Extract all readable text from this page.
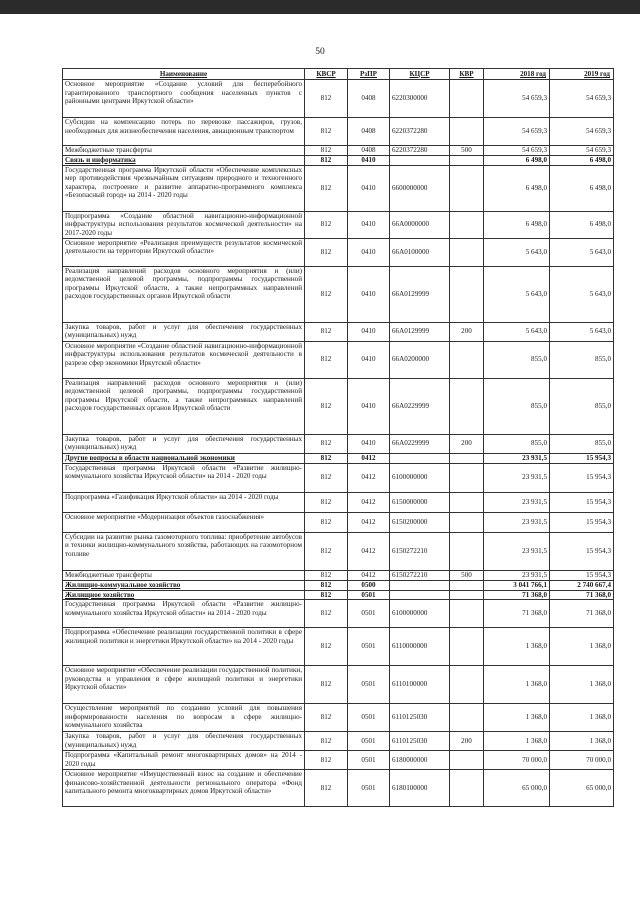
50
Наименование	КВСР	РзПР	КЦСР	КВР	2018 год	2019 год
Основное мероприятие «Создание условий для бесперебойного гарантированного транспортного сообщения населенных пунктов с районными центрами Иркутской области»	812	0408	6220300000		54 659,3	54 659,3
Субсидии на компенсацию потерь по перевозке пассажиров, грузов, необходимых для жизнеобеспечения населения, авиационным транспортом	812	0408	6220372280		54 659,3	54 659,3
Межбюджетные трансферты	812	0408	6220372280	500	54 659,3	54 659,3
Связь и информатика	812	0410			6 498,0	6 498,0
Государственная программа Иркутской области «Обеспечение комплексных мер противодействия чрезвычайным ситуациям природного и техногенного характера, построение и развитие аппаратно-программного комплекса «Безопасный город» на 2014 - 2020 годы	812	0410	6600000000		6 498,0	6 498,0
Подпрограмма «Создание областной навигационно-информационной инфраструктуры использования результатов космической деятельности» на 2017-2020 годы	812	0410	66А0000000		6 498,0	6 498,0
Основное мероприятие «Реализация преимуществ результатов космической деятельности на территории Иркутской области»	812	0410	66А0100000		5 643,0	5 643,0
Реализация направлений расходов основного мероприятия и (или) ведомственной целевой программы, подпрограммы государственной программы Иркутской области, а также непрограммных направлений расходов государственных органов Иркутской области	812	0410	66А0129999		5 643,0	5 643,0
Закупка товаров, работ и услуг для обеспечения государственных (муниципальных) нужд	812	0410	66А0129999	200	5 643,0	5 643,0
Основное мероприятие «Создание областной навигационно-информационной инфраструктуры использования результатов космической деятельности в разрезе сфер экономики Иркутской области»	812	0410	66А0200000		855,0	855,0
Реализация направлений расходов основного мероприятия и (или) ведомственной целевой программы, подпрограммы государственной программы Иркутской области, а также непрограммных направлений расходов государственных органов Иркутской области	812	0410	66А0229999		855,0	855,0
Закупка товаров, работ и услуг для обеспечения государственных (муниципальных) нужд	812	0410	66А0229999	200	855,0	855,0
Другие вопросы в области национальной экономики	812	0412			23 931,5	15 954,3
Государственная программа Иркутской области «Развитие жилищно-коммунального хозяйства Иркутской области» на 2014 - 2020 годы	812	0412	6100000000		23 931,5	15 954,3
Подпрограмма «Газификация Иркутской области» на 2014 - 2020 годы	812	0412	6150000000		23 931,5	15 954,3
Основное мероприятие «Модернизация объектов газоснабжения»	812	0412	6150200000		23 931,5	15 954,3
Субсидии на развитие рынка газомоторного топлива: приобретение автобусов и техники жилищно-коммунального хозяйства, работающих на газомоторном топливе	812	0412	6150272210		23 931,5	15 954,3
Межбюджетные трансферты	812	0412	6150272210	500	23 931,5	15 954,3
Жилищно-коммунальное хозяйство	812	0500			3 041 766,1	2 740 667,4
Жилищное хозяйство	812	0501			71 368,0	71 368,0
Государственная программа Иркутской области «Развитие жилищно-коммунального хозяйства Иркутской области» на 2014 - 2020 годы	812	0501	6100000000		71 368,0	71 368,0
Подпрограмма «Обеспечение реализации государственной политики в сфере жилищной политики и энергетики Иркутской области» на 2014 - 2020 годы	812	0501	6110000000		1 368,0	1 368,0
Основное мероприятие «Обеспечение реализации государственной политики, руководства и управления в сфере жилищной политики и энергетики Иркутской области»	812	0501	6110100000		1 368,0	1 368,0
Осуществление мероприятий по созданию условий для повышения информированности населения по вопросам в сфере жилищно-коммунального хозяйства	812	0501	6110125030		1 368,0	1 368,0
Закупка товаров, работ и услуг для обеспечения государственных (муниципальных) нужд	812	0501	6110125030	200	1 368,0	1 368,0
Подпрограмма «Капитальный ремонт многоквартирных домов» на 2014 - 2020 годы	812	0501	6180000000		70 000,0	70 000,0
Основное мероприятие «Имущественный взнос на создание и обеспечение финансово-хозяйственной деятельности регионального оператора «Фонд капитального ремонта многоквартирных домов Иркутской области»	812	0501	6180100000		65 000,0	65 000,0
